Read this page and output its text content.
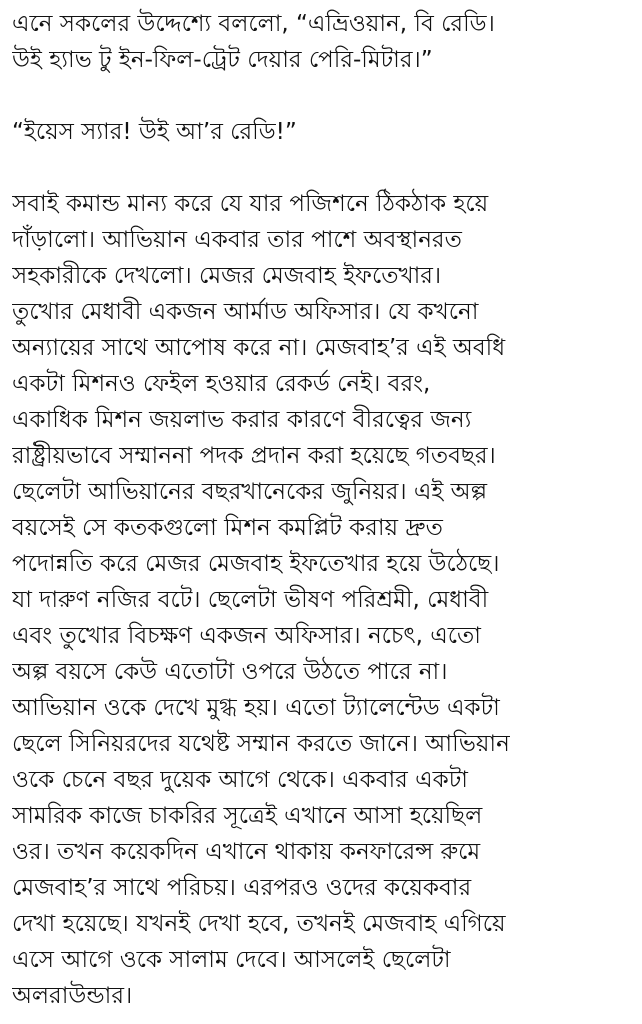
এনে সকলের উদ্দেশ্যে বললো, “এভ্রিওয়ান, বি রেডি।
উই হ্যাভ টু ইন-ফিল-ট্রেট দেয়ার পেরি-মিটার।”
“ইয়েস স্যার! উই আ’র রেডি!”
সবাই কমান্ড মান্য করে যে যার পজিশনে ঠিকঠাক হয়ে
দাঁড়ালো। আভিয়ান একবার তার পাশে অবস্থানরত
সহকারীকে দেখলো। মেজর মেজবাহ ইফতেখার।
তুখোর মেধাবী একজন আর্মাড অফিসার। যে কখনো
অন্যায়ের সাথে আপোষ করে না। মেজবাহ’র এই অবধি
একটা মিশনও ফেইল হওয়ার রেকর্ড নেই। বরং,
একাধিক মিশন জয়লাভ করার কারণে বীরত্বের জন্য
রাষ্ট্রীয়ভাবে সম্মাননা পদক প্রদান করা হয়েছে গতবছর।
ছেলেটা আভিয়ানের বছরখানেকের জুনিয়র। এই অল্প
বয়সেই সে কতকগুলো মিশন কমপ্লিট করায় দ্রুত
পদোন্নতি করে মেজর মেজবাহ ইফতেখার হয়ে উঠেছে।
যা দারুণ নজির বটে। ছেলেটা ভীষণ পরিশ্রমী, মেধাবী
এবং তুখোর বিচক্ষণ একজন অফিসার। নচেৎ, এতো
অল্প বয়সে কেউ এতোটা ওপরে উঠতে পারে না।
আভিয়ান ওকে দেখে মুগ্ধ হয়। এতো ট্যালেন্টেড একটা
ছেলে সিনিয়রদের যথেষ্ট সম্মান করতে জানে। আভিয়ান
ওকে চেনে বছর দুয়েক আগে থেকে। একবার একটা
সামরিক কাজে চাকরির সূত্রেই এখানে আসা হয়েছিল
ওর। তখন কয়েকদিন এখানে থাকায় কনফারেন্স রুমে
মেজবাহ’র সাথে পরিচয়। এরপরও ওদের কয়েকবার
দেখা হয়েছে। যখনই দেখা হবে, তখনই মেজবাহ এগিয়ে
এসে আগে ওকে সালাম দেবে। আসলেই ছেলেটা
অলরাউন্ডার।
